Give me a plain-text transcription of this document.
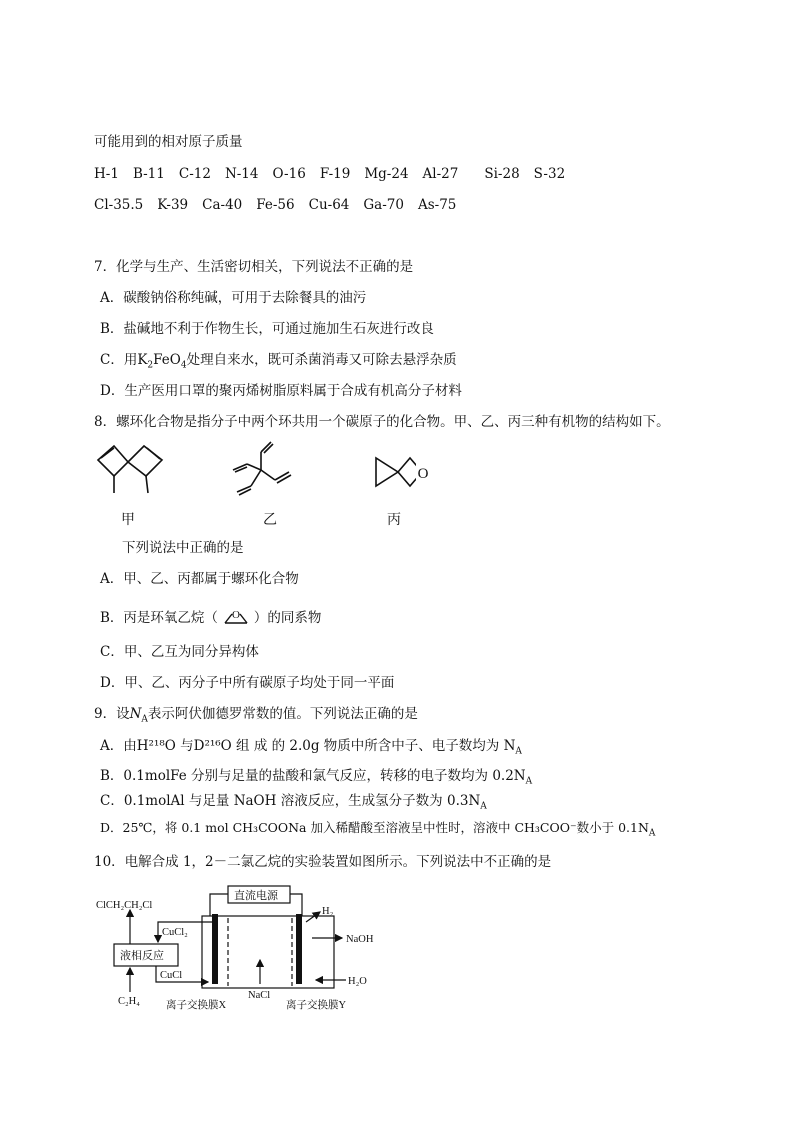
可能用到的相对原子质量
H-1 B-11 C-12 N-14 O-16 F-19 Mg-24 Al-27 Si-28 S-32
Cl-35.5 K-39 Ca-40 Fe-56 Cu-64 Ga-70 As-75
7．化学与生产、生活密切相关，下列说法不正确的是
A．碳酸钠俗称纯碱，可用于去除餐具的油污
B．盐碱地不利于作物生长，可通过施加生石灰进行改良
C．用$K_2FeO_4$处理自来水，既可杀菌消毒又可除去悬浮杂质
D．生产医用口罩的聚丙烯树脂原料属于合成有机高分子材料
8．螺环化合物是指分子中两个环共用一个碳原子的化合物。甲、乙、丙三种有机物的结构如下。
O
甲	乙	丙
下列说法中正确的是
A．甲、乙、丙都属于螺环化合物
B．丙是环氧乙烷（ O ）的同系物
C．甲、乙互为同分异构体
D．甲、乙、丙分子中所有碳原子均处于同一平面
9．设$N_A$表示阿伏伽德罗常数的值。下列说法正确的是
A．由H²¹⁸O 与D²¹⁶O 组 成 的 2.0g 物质中所含中子、电子数均为 $N_A$
B．0.1molFe 分别与足量的盐酸和氯气反应，转移的电子数均为 $0.2N_A$
C．0.1molAl 与足量 NaOH 溶液反应，生成氢分子数为 $0.3N_A$
D．25℃，将 0.1 mol CH₃COONa 加入稀醋酸至溶液呈中性时，溶液中 CH₃COO⁻数小于 $0.1N_A$
10．电解合成 1，2－二氯乙烷的实验装置如图所示。下列说法中不正确的是
直流电源
ClCH₂CH₂Cl
CuCl₂
液相反应
CuCl
C₂H₄
H₂
NaOH
H₂O
NaCl
离子交换膜X	离子交换膜Y
